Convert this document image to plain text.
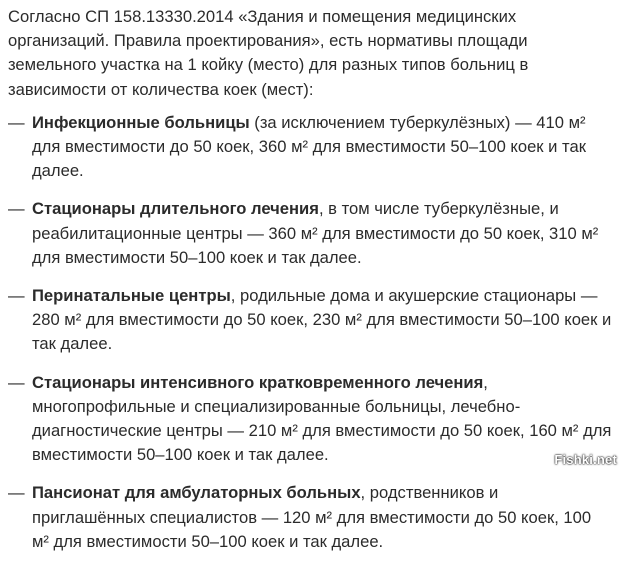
Согласно СП 158.13330.2014 «Здания и помещения медицинских организаций. Правила проектирования», есть нормативы площади земельного участка на 1 койку (место) для разных типов больниц в зависимости от количества коек (мест):

— Инфекционные больницы (за исключением туберкулёзных) — 410 м² для вместимости до 50 коек, 360 м² для вместимости 50–100 коек и так далее.
— Стационары длительного лечения, в том числе туберкулёзные, и реабилитационные центры — 360 м² для вместимости до 50 коек, 310 м² для вместимости 50–100 коек и так далее.
— Перинатальные центры, родильные дома и акушерские стационары — 280 м² для вместимости до 50 коек, 230 м² для вместимости 50–100 коек и так далее.
— Стационары интенсивного кратковременного лечения, многопрофильные и специализированные больницы, лечебно-диагностические центры — 210 м² для вместимости до 50 коек, 160 м² для вместимости 50–100 коек и так далее.
— Пансионат для амбулаторных больных, родственников и приглашённых специалистов — 120 м² для вместимости до 50 коек, 100 м² для вместимости 50–100 коек и так далее.
Fishki.net
